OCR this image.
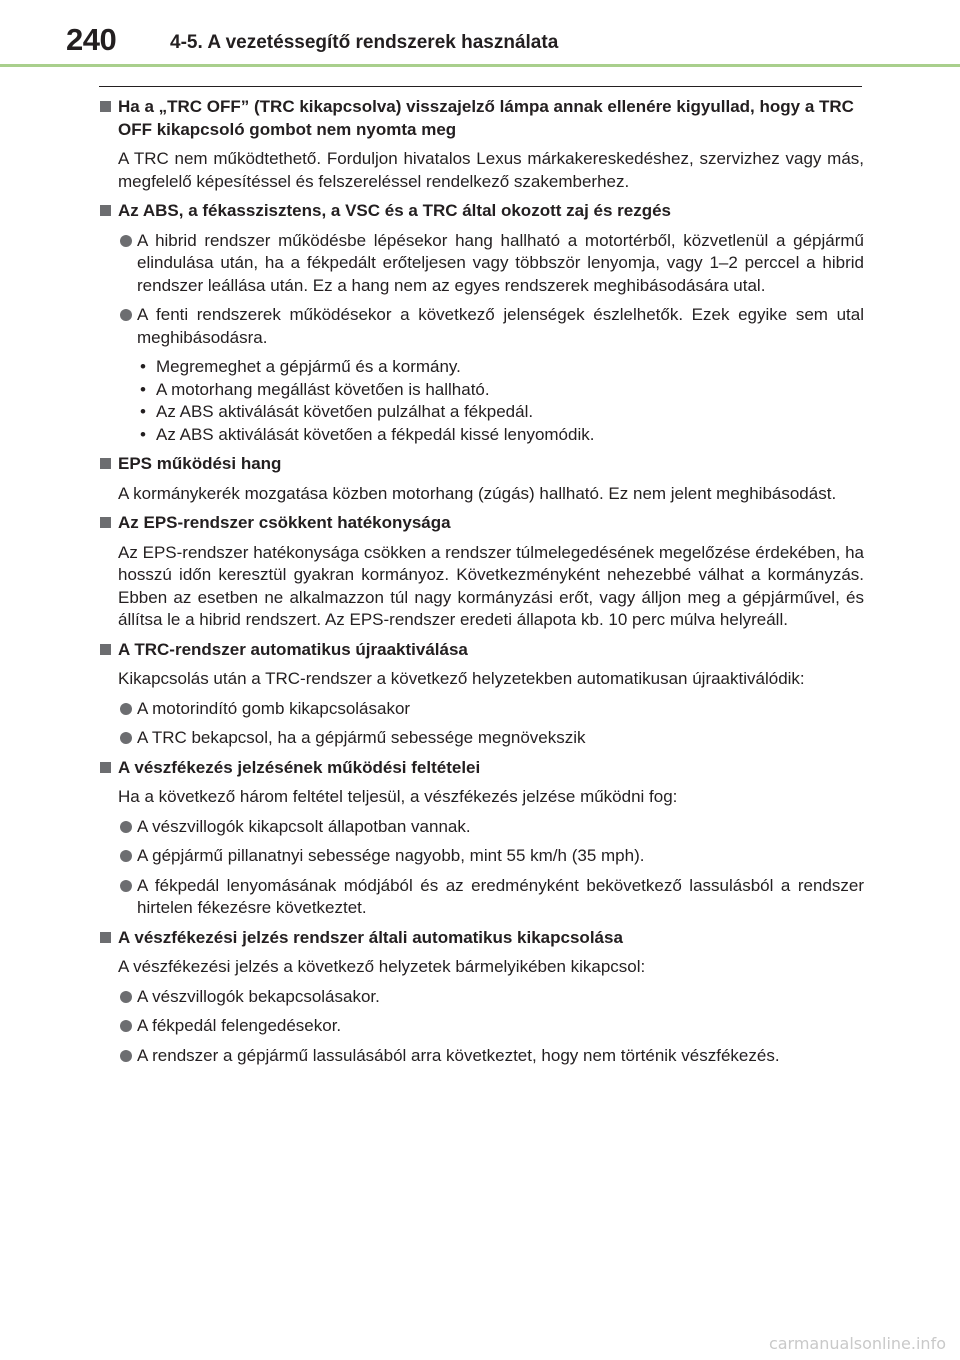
240	4-5. A vezetéssegítő rendszerek használata
Ha a „TRC OFF” (TRC kikapcsolva) visszajelző lámpa annak ellenére kigyullad, hogy a TRC OFF kikapcsoló gombot nem nyomta meg
A TRC nem működtethető. Forduljon hivatalos Lexus márkakereskedéshez, szervizhez vagy más, megfelelő képesítéssel és felszereléssel rendelkező szakemberhez.
Az ABS, a fékasszisztens, a VSC és a TRC által okozott zaj és rezgés
A hibrid rendszer működésbe lépésekor hang hallható a motortérből, közvetlenül a gépjármű elindulása után, ha a fékpedált erőteljesen vagy többször lenyomja, vagy 1–2 perccel a hibrid rendszer leállása után. Ez a hang nem az egyes rendszerek meghibásodására utal.
A fenti rendszerek működésekor a következő jelenségek észlelhetők. Ezek egyike sem utal meghibásodásra.
• Megremeghet a gépjármű és a kormány.
• A motorhang megállást követően is hallható.
• Az ABS aktiválását követően pulzálhat a fékpedál.
• Az ABS aktiválását követően a fékpedál kissé lenyomódik.
EPS működési hang
A kormánykerék mozgatása közben motorhang (zúgás) hallható. Ez nem jelent meghibásodást.
Az EPS-rendszer csökkent hatékonysága
Az EPS-rendszer hatékonysága csökken a rendszer túlmelegedésének megelőzése érdekében, ha hosszú időn keresztül gyakran kormányoz. Következményként nehezebbé válhat a kormányzás. Ebben az esetben ne alkalmazzon túl nagy kormányzási erőt, vagy álljon meg a gépjárművel, és állítsa le a hibrid rendszert. Az EPS-rendszer eredeti állapota kb. 10 perc múlva helyreáll.
A TRC-rendszer automatikus újraaktiválása
Kikapcsolás után a TRC-rendszer a következő helyzetekben automatikusan újraaktiválódik:
A motorindító gomb kikapcsolásakor
A TRC bekapcsol, ha a gépjármű sebessége megnövekszik
A vészfékezés jelzésének működési feltételei
Ha a következő három feltétel teljesül, a vészfékezés jelzése működni fog:
A vészvillogók kikapcsolt állapotban vannak.
A gépjármű pillanatnyi sebessége nagyobb, mint 55 km/h (35 mph).
A fékpedál lenyomásának módjából és az eredményként bekövetkező lassulásból a rendszer hirtelen fékezésre következtet.
A vészfékezési jelzés rendszer általi automatikus kikapcsolása
A vészfékezési jelzés a következő helyzetek bármelyikében kikapcsol:
A vészvillogók bekapcsolásakor.
A fékpedál felengedésekor.
A rendszer a gépjármű lassulásából arra következtet, hogy nem történik vészfékezés.
carmanualsonline.info
